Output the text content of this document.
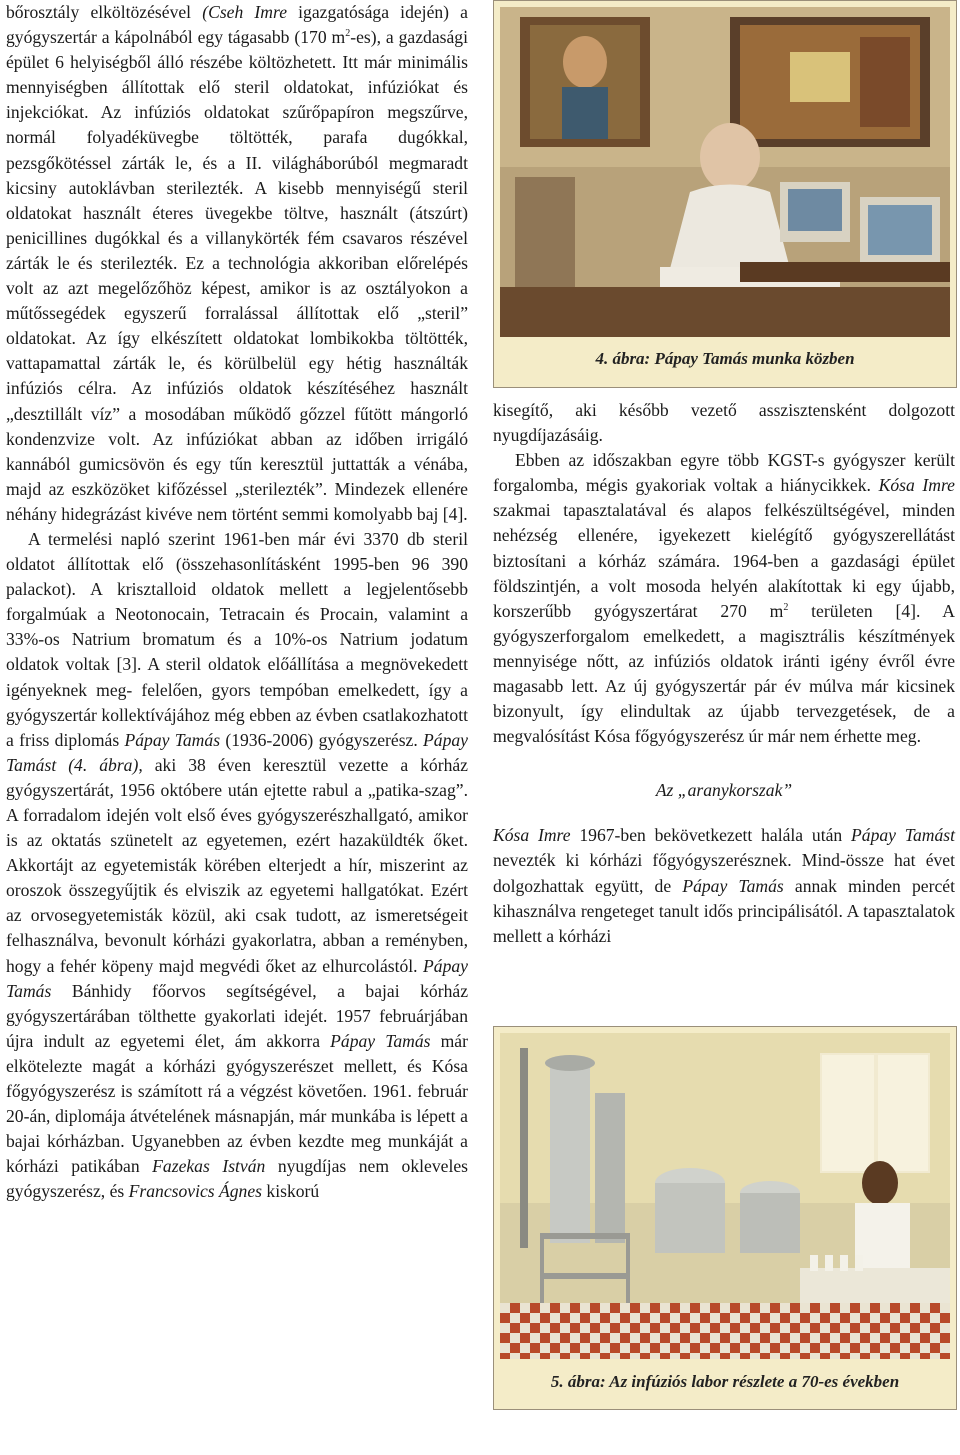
bőrosztály elköltözésével (Cseh Imre igazgatósága idején) a gyógyszertár a kápolnából egy tágasabb (170 $m^2-es$), a gazdasági épület 6 helyiségből álló részébe költözhetett. Itt már minimális mennyiségben állítottak elő steril oldatokat, infúziókat és injekciókat. Az infúziós oldatokat szűrőpapíron megszűrve, normál folyadéküvegbe töltötték, parafa dugókkal, pezsgőkötéssel zárták le, és a II. világháborúból megmaradt kicsiny autoklávban sterilezték. A kisebb mennyiségű steril oldatokat használt éteres üvegekbe töltve, használt (átszúrt) penicillines dugókkal és a villanykörték fém csavaros részével zárták le és sterilezték. Ez a technológia akkoriban előrelépés volt az azt megelőzőhöz képest, amikor is az osztályokon a műtőssegédek egyszerű forralással állítottak elő „steril” oldatokat. Az így elkészített oldatokat lombikokba töltötték, vattapamattal zárták le, és körülbelül egy hétig használták infúziós célra. Az infúziós oldatok készítéséhez használt „desztillált víz” a mosodában működő gőzzel fűtött mángorló kondenzvize volt. Az infúziókat abban az időben irrigáló kannából gumicsövön és egy tűn keresztül juttatták a vénába, majd az eszközöket kifőzéssel „sterilezték”. Mindezek ellenére néhány hidegrázást kivéve nem történt semmi komolyabb baj [4].

A termelési napló szerint 1961-ben már évi 3370 db steril oldatot állítottak elő (összehasonlításként 1995-ben 96 390 palackot). A krisztalloid oldatok mellett a legjelentősebb forgalmúak a Neotonocain, Tetracain és Procain, valamint a 33%-os Natrium bromatum és a 10%-os Natrium jodatum oldatok voltak [3]. A steril oldatok előállítása a megnövekedett igényeknek meg- felelően, gyors tempóban emelkedett, így a gyógyszertár kollektívájához még ebben az évben csatlakozhatott a friss diplomás Pápay Tamás (1936-2006) gyógyszerész. Pápay Tamást (4. ábra), aki 38 éven keresztül vezette a kórház gyógyszertárát, 1956 októbere után ejtette rabul a „patika-szag”. A forradalom idején volt első éves gyógyszerészhallgató, amikor is az oktatás szünetelt az egyetemen, ezért hazaküldték őket. Akkortájt az egyetemisták körében elterjedt a hír, miszerint az oroszok összegyűjtik és elviszik az egyetemi hallgatókat. Ezért az orvosegyetemisták közül, aki csak tudott, az ismeretségeit felhasználva, bevonult kórházi gyakorlatra, abban a reményben, hogy a fehér köpeny majd megvédi őket az elhurcolástól. Pápay Tamás Bánhidy főorvos segítségével, a bajai kórház gyógyszertárában tölthette gyakorlati idejét. 1957 februárjában újra indult az egyetemi élet, ám akkorra Pápay Tamás már elkötelezte magát a kórházi gyógyszerészet mellett, és Kósa főgyógyszerész is számított rá a végzést követően. 1961. február 20-án, diplomája átvételének másnapján, már munkába is lépett a bajai kórházban. Ugyanebben az évben kezdte meg munkáját a kórházi patikában Fazekas István nyugdíjas nem okleveles gyógyszerész, és Francsovics Ágnes kiskorú

4. ábra: Pápay Tamás munka közben

kisegítő, aki később vezető asszisztensként dolgozott nyugdíjazásáig.

Ebben az időszakban egyre több KGST-s gyógyszer került forgalomba, mégis gyakoriak voltak a hiánycikkek. Kósa Imre szakmai tapasztalatával és alapos felkészültségével, minden nehézség ellenére, igyekezett kielégítő gyógyszerellátást biztosítani a kórház számára. 1964-ben a gazdasági épület földszintjén, a volt mosoda helyén alakítottak ki egy újabb, korszerűbb gyógyszertárat 270 $m^2$ területen [4]. A gyógyszerforgalom emelkedett, a magisztrális készítmények mennyisége nőtt, az infúziós oldatok iránti igény évről évre magasabb lett. Az új gyógyszertár pár év múlva már kicsinek bizonyult, így elindultak az újabb tervezgetések, de a megvalósítást Kósa főgyógyszerész úr már nem érhette meg.

Az „aranykorszak”

Kósa Imre 1967-ben bekövetkezett halála után Pápay Tamást nevezték ki kórházi főgyógyszerésznek. Mind-össze hat évet dolgozhattak együtt, de Pápay Tamás annak minden percét kihasználva rengeteget tanult idős principálisától. A tapasztalatok mellett a kórházi

5. ábra: Az infúziós labor részlete a 70-es években
